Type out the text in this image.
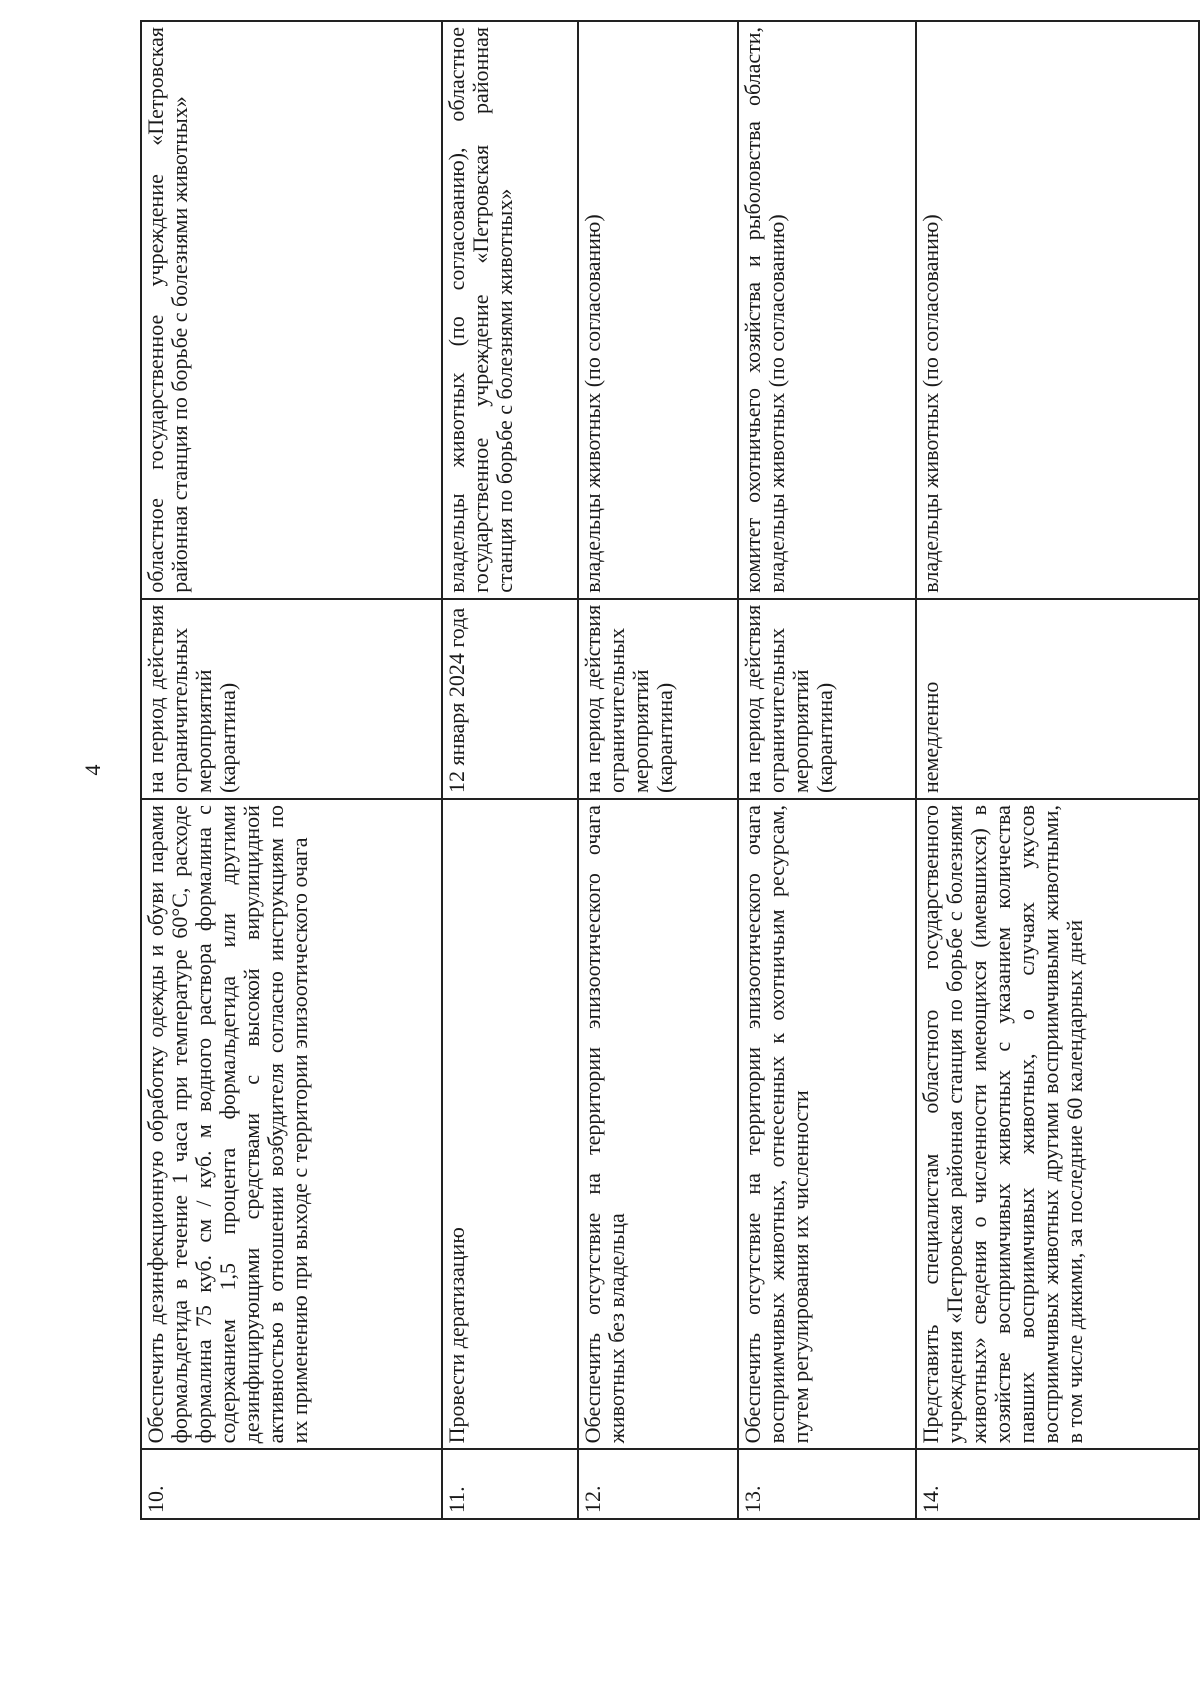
4
10.	Обеспечить дезинфекционную обработку одежды и обуви парами формальдегида в течение 1 часа при температуре 60°С, расходе формалина 75 куб. см / куб. м водного раствора формалина с содержанием 1,5 процента формальдегида или другими дезинфицирующими средствами с высокой вирулицидной активностью в отношении возбудителя согласно инструкциям по их применению при выходе с территории эпизоотического очага	на период действия ограничительных мероприятий (карантина)	областное государственное учреждение «Петровская районная станция по борьбе с болезнями животных»
11.	Провести дератизацию	12 января 2024 года	владельцы животных (по согласованию), областное государственное учреждение «Петровская районная станция по борьбе с болезнями животных»
12.	Обеспечить отсутствие на территории эпизоотического очага животных без владельца	на период действия ограничительных мероприятий (карантина)	владельцы животных (по согласованию)
13.	Обеспечить отсутствие на территории эпизоотического очага восприимчивых животных, отнесенных к охотничьим ресурсам, путем регулирования их численности	на период действия ограничительных мероприятий (карантина)	комитет охотничьего хозяйства и рыболовства области, владельцы животных (по согласованию)
14.	Представить специалистам областного государственного учреждения «Петровская районная станция по борьбе с болезнями животных» сведения о численности имеющихся (имевшихся) в хозяйстве восприимчивых животных с указанием количества павших восприимчивых животных, о случаях укусов восприимчивых животных другими восприимчивыми животными, в том числе дикими, за последние 60 календарных дней	немедленно	владельцы животных (по согласованию)
